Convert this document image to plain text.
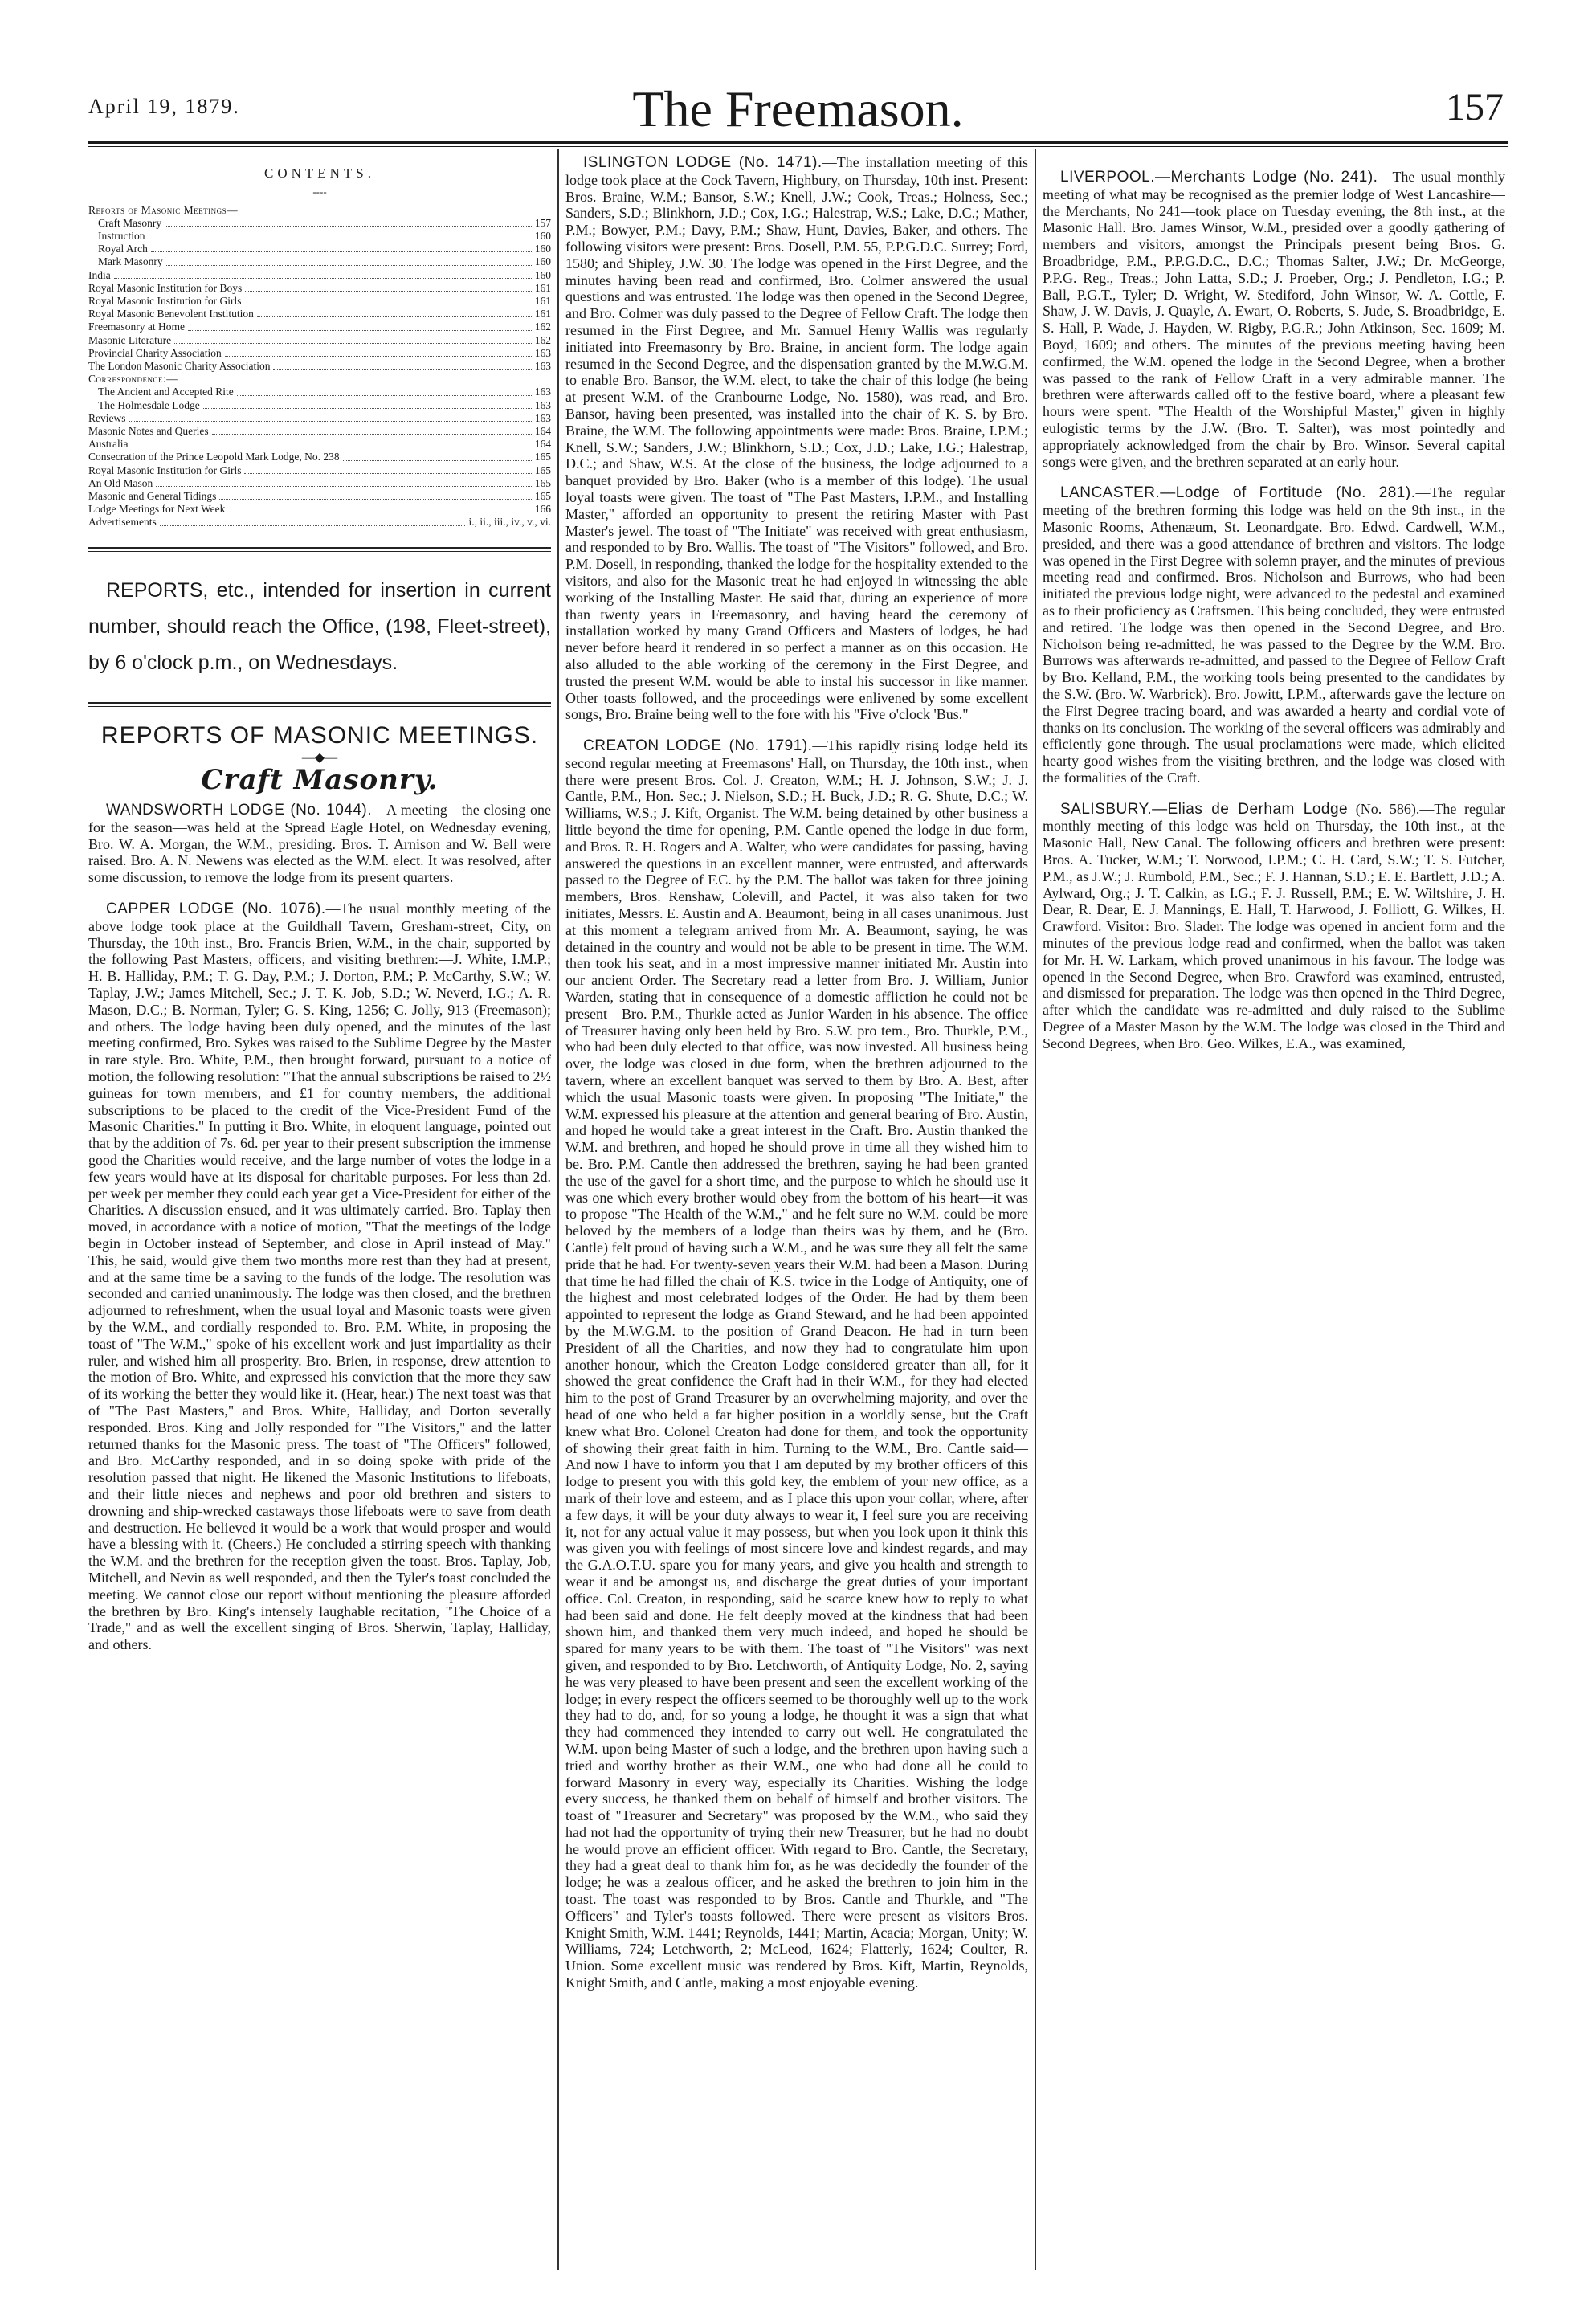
April 19, 1879.	The Freemason.	157
CONTENTS.
----
Reports of Masonic Meetings—
Craft Masonry	157
Instruction	160
Royal Arch	160
Mark Masonry	160
India	160
Royal Masonic Institution for Boys	161
Royal Masonic Institution for Girls	161
Royal Masonic Benevolent Institution	161
Freemasonry at Home	162
Masonic Literature	162
Provincial Charity Association	163
The London Masonic Charity Association	163
Correspondence:—
The Ancient and Accepted Rite	163
The Holmesdale Lodge	163
Reviews	163
Masonic Notes and Queries	164
Australia	164
Consecration of the Prince Leopold Mark Lodge, No. 238	165
Royal Masonic Institution for Girls	165
An Old Mason	165
Masonic and General Tidings	165
Lodge Meetings for Next Week	166
Advertisements	i., ii., iii., iv., v., vi.

REPORTS, etc., intended for insertion in current number, should reach the Office, (198, Fleet-street), by 6 o'clock p.m., on Wednesdays.

REPORTS OF MASONIC MEETINGS.
—◆—
Craft Masonry.

WANDSWORTH LODGE (No. 1044).—A meeting—the closing one for the season—was held at the Spread Eagle Hotel, on Wednesday evening, Bro. W. A. Morgan, the W.M., presiding. Bros. T. Arnison and W. Bell were raised. Bro. A. N. Newens was elected as the W.M. elect. It was resolved, after some discussion, to remove the lodge from its present quarters.

CAPPER LODGE (No. 1076).—The usual monthly meeting of the above lodge took place at the Guildhall Tavern, Gresham-street, City, on Thursday, the 10th inst., Bro. Francis Brien, W.M., in the chair, supported by the following Past Masters, officers, and visiting brethren:—J. White, I.M.P.; H. B. Halliday, P.M.; T. G. Day, P.M.; J. Dorton, P.M.; P. McCarthy, S.W.; W. Taplay, J.W.; James Mitchell, Sec.; J. T. K. Job, S.D.; W. Neverd, I.G.; A. R. Mason, D.C.; B. Norman, Tyler; G. S. King, 1256; C. Jolly, 913 (Freemason); and others. The lodge having been duly opened, and the minutes of the last meeting confirmed, Bro. Sykes was raised to the Sublime Degree by the Master in rare style. Bro. White, P.M., then brought forward, pursuant to a notice of motion, the following resolution: "That the annual subscriptions be raised to 2½ guineas for town members, and £1 for country members, the additional subscriptions to be placed to the credit of the Vice-President Fund of the Masonic Charities." In putting it Bro. White, in eloquent language, pointed out that by the addition of 7s. 6d. per year to their present subscription the immense good the Charities would receive, and the large number of votes the lodge in a few years would have at its disposal for charitable purposes. For less than 2d. per week per member they could each year get a Vice-President for either of the Charities. A discussion ensued, and it was ultimately carried. Bro. Taplay then moved, in accordance with a notice of motion, "That the meetings of the lodge begin in October instead of September, and close in April instead of May." This, he said, would give them two months more rest than they had at present, and at the same time be a saving to the funds of the lodge. The resolution was seconded and carried unanimously. The lodge was then closed, and the brethren adjourned to refreshment, when the usual loyal and Masonic toasts were given by the W.M., and cordially responded to. Bro. P.M. White, in proposing the toast of "The W.M.," spoke of his excellent work and just impartiality as their ruler, and wished him all prosperity. Bro. Brien, in response, drew attention to the motion of Bro. White, and expressed his conviction that the more they saw of its working the better they would like it. (Hear, hear.) The next toast was that of "The Past Masters," and Bros. White, Halliday, and Dorton severally responded. Bros. King and Jolly responded for "The Visitors," and the latter returned thanks for the Masonic press. The toast of "The Officers" followed, and Bro. McCarthy responded, and in so doing spoke with pride of the resolution passed that night. He likened the Masonic Institutions to lifeboats, and their little nieces and nephews and poor old brethren and sisters to drowning and ship-wrecked castaways those lifeboats were to save from death and destruction. He believed it would be a work that would prosper and would have a blessing with it. (Cheers.) He concluded a stirring speech with thanking the W.M. and the brethren for the reception given the toast. Bros. Taplay, Job, Mitchell, and Nevin as well responded, and then the Tyler's toast concluded the meeting. We cannot close our report without mentioning the pleasure afforded the brethren by Bro. King's intensely laughable recitation, "The Choice of a Trade," and as well the excellent singing of Bros. Sherwin, Taplay, Halliday, and others.

ISLINGTON LODGE (No. 1471).—The installation meeting of this lodge took place at the Cock Tavern, Highbury, on Thursday, 10th inst. Present: Bros. Braine, W.M.; Bansor, S.W.; Knell, J.W.; Cook, Treas.; Holness, Sec.; Sanders, S.D.; Blinkhorn, J.D.; Cox, I.G.; Halestrap, W.S.; Lake, D.C.; Mather, P.M.; Bowyer, P.M.; Davy, P.M.; Shaw, Hunt, Davies, Baker, and others. The following visitors were present: Bros. Dosell, P.M. 55, P.P.G.D.C. Surrey; Ford, 1580; and Shipley, J.W. 30. The lodge was opened in the First Degree, and the minutes having been read and confirmed, Bro. Colmer answered the usual questions and was entrusted. The lodge was then opened in the Second Degree, and Bro. Colmer was duly passed to the Degree of Fellow Craft. The lodge then resumed in the First Degree, and Mr. Samuel Henry Wallis was regularly initiated into Freemasonry by Bro. Braine, in ancient form. The lodge again resumed in the Second Degree, and the dispensation granted by the M.W.G.M. to enable Bro. Bansor, the W.M. elect, to take the chair of this lodge (he being at present W.M. of the Cranbourne Lodge, No. 1580), was read, and Bro. Bansor, having been presented, was installed into the chair of K. S. by Bro. Braine, the W.M. The following appointments were made: Bros. Braine, I.P.M.; Knell, S.W.; Sanders, J.W.; Blinkhorn, S.D.; Cox, J.D.; Lake, I.G.; Halestrap, D.C.; and Shaw, W.S. At the close of the business, the lodge adjourned to a banquet provided by Bro. Baker (who is a member of this lodge). The usual loyal toasts were given. The toast of "The Past Masters, I.P.M., and Installing Master," afforded an opportunity to present the retiring Master with Past Master's jewel. The toast of "The Initiate" was received with great enthusiasm, and responded to by Bro. Wallis. The toast of "The Visitors" followed, and Bro. P.M. Dosell, in responding, thanked the lodge for the hospitality extended to the visitors, and also for the Masonic treat he had enjoyed in witnessing the able working of the Installing Master. He said that, during an experience of more than twenty years in Freemasonry, and having heard the ceremony of installation worked by many Grand Officers and Masters of lodges, he had never before heard it rendered in so perfect a manner as on this occasion. He also alluded to the able working of the ceremony in the First Degree, and trusted the present W.M. would be able to instal his successor in like manner. Other toasts followed, and the proceedings were enlivened by some excellent songs, Bro. Braine being well to the fore with his "Five o'clock 'Bus."

CREATON LODGE (No. 1791).—This rapidly rising lodge held its second regular meeting at Freemasons' Hall, on Thursday, the 10th inst., when there were present Bros. Col. J. Creaton, W.M.; H. J. Johnson, S.W.; J. J. Cantle, P.M., Hon. Sec.; J. Nielson, S.D.; H. Buck, J.D.; R. G. Shute, D.C.; W. Williams, W.S.; J. Kift, Organist. The W.M. being detained by other business a little beyond the time for opening, P.M. Cantle opened the lodge in due form, and Bros. R. H. Rogers and A. Walter, who were candidates for passing, having answered the questions in an excellent manner, were entrusted, and afterwards passed to the Degree of F.C. by the P.M. The ballot was taken for three joining members, Bros. Renshaw, Colevill, and Pactel, it was also taken for two initiates, Messrs. E. Austin and A. Beaumont, being in all cases unanimous. Just at this moment a telegram arrived from Mr. A. Beaumont, saying, he was detained in the country and would not be able to be present in time. The W.M. then took his seat, and in a most impressive manner initiated Mr. Austin into our ancient Order. The Secretary read a letter from Bro. J. William, Junior Warden, stating that in consequence of a domestic affliction he could not be present—Bro. P.M., Thurkle acted as Junior Warden in his absence. The office of Treasurer having only been held by Bro. S.W. pro tem., Bro. Thurkle, P.M., who had been duly elected to that office, was now invested. All business being over, the lodge was closed in due form, when the brethren adjourned to the tavern, where an excellent banquet was served to them by Bro. A. Best, after which the usual Masonic toasts were given. In proposing "The Initiate," the W.M. expressed his pleasure at the attention and general bearing of Bro. Austin, and hoped he would take a great interest in the Craft. Bro. Austin thanked the W.M. and brethren, and hoped he should prove in time all they wished him to be. Bro. P.M. Cantle then addressed the brethren, saying he had been granted the use of the gavel for a short time, and the purpose to which he should use it was one which every brother would obey from the bottom of his heart—it was to propose "The Health of the W.M.," and he felt sure no W.M. could be more beloved by the members of a lodge than theirs was by them, and he (Bro. Cantle) felt proud of having such a W.M., and he was sure they all felt the same pride that he had. For twenty-seven years their W.M. had been a Mason. During that time he had filled the chair of K.S. twice in the Lodge of Antiquity, one of the highest and most celebrated lodges of the Order. He had by them been appointed to represent the lodge as Grand Steward, and he had been appointed by the M.W.G.M. to the position of Grand Deacon. He had in turn been President of all the Charities, and now they had to congratulate him upon another honour, which the Creaton Lodge considered greater than all, for it showed the great confidence the Craft had in their W.M., for they had elected him to the post of Grand Treasurer by an overwhelming majority, and over the head of one who held a far higher position in a worldly sense, but the Craft knew what Bro. Colonel Creaton had done for them, and took the opportunity of showing their great faith in him. Turning to the W.M., Bro. Cantle said—And now I have to inform you that I am deputed by my brother officers of this lodge to present you with this gold key, the emblem of your new office, as a mark of their love and esteem, and as I place this upon your collar, where, after a few days, it will be your duty always to wear it, I feel sure you are receiving it, not for any actual value it may possess, but when you look upon it think this was given you with feelings of most sincere love and kindest regards, and may the G.A.O.T.U. spare you for many years, and give you health and strength to wear it and be amongst us, and discharge the great duties of your important office. Col. Creaton, in responding, said he scarce knew how to reply to what had been said and done. He felt deeply moved at the kindness that had been shown him, and thanked them very much indeed, and hoped he should be spared for many years to be with them. The toast of "The Visitors" was next given, and responded to by Bro. Letchworth, of Antiquity Lodge, No. 2, saying he was very pleased to have been present and seen the excellent working of the lodge; in every respect the officers seemed to be thoroughly well up to the work they had to do, and, for so young a lodge, he thought it was a sign that what they had commenced they intended to carry out well. He congratulated the W.M. upon being Master of such a lodge, and the brethren upon having such a tried and worthy brother as their W.M., one who had done all he could to forward Masonry in every way, especially its Charities. Wishing the lodge every success, he thanked them on behalf of himself and brother visitors. The toast of "Treasurer and Secretary" was proposed by the W.M., who said they had not had the opportunity of trying their new Treasurer, but he had no doubt he would prove an efficient officer. With regard to Bro. Cantle, the Secretary, they had a great deal to thank him for, as he was decidedly the founder of the lodge; he was a zealous officer, and he asked the brethren to join him in the toast. The toast was responded to by Bros. Cantle and Thurkle, and "The Officers" and Tyler's toasts followed. There were present as visitors Bros. Knight Smith, W.M. 1441; Reynolds, 1441; Martin, Acacia; Morgan, Unity; W. Williams, 724; Letchworth, 2; McLeod, 1624; Flatterly, 1624; Coulter, R. Union. Some excellent music was rendered by Bros. Kift, Martin, Reynolds, Knight Smith, and Cantle, making a most enjoyable evening.

LIVERPOOL.—Merchants Lodge (No. 241).—The usual monthly meeting of what may be recognised as the premier lodge of West Lancashire—the Merchants, No 241—took place on Tuesday evening, the 8th inst., at the Masonic Hall. Bro. James Winsor, W.M., presided over a goodly gathering of members and visitors, amongst the Principals present being Bros. G. Broadbridge, P.M., P.P.G.D.C., D.C.; Thomas Salter, J.W.; Dr. McGeorge, P.P.G. Reg., Treas.; John Latta, S.D.; J. Proeber, Org.; J. Pendleton, I.G.; P. Ball, P.G.T., Tyler; D. Wright, W. Stediford, John Winsor, W. A. Cottle, F. Shaw, J. W. Davis, J. Quayle, A. Ewart, O. Roberts, S. Jude, S. Broadbridge, E. S. Hall, P. Wade, J. Hayden, W. Rigby, P.G.R.; John Atkinson, Sec. 1609; M. Boyd, 1609; and others. The minutes of the previous meeting having been confirmed, the W.M. opened the lodge in the Second Degree, when a brother was passed to the rank of Fellow Craft in a very admirable manner. The brethren were afterwards called off to the festive board, where a pleasant few hours were spent. "The Health of the Worshipful Master," given in highly eulogistic terms by the J.W. (Bro. T. Salter), was most pointedly and appropriately acknowledged from the chair by Bro. Winsor. Several capital songs were given, and the brethren separated at an early hour.

LANCASTER.—Lodge of Fortitude (No. 281).—The regular meeting of the brethren forming this lodge was held on the 9th inst., in the Masonic Rooms, Athenæum, St. Leonardgate. Bro. Edwd. Cardwell, W.M., presided, and there was a good attendance of brethren and visitors. The lodge was opened in the First Degree with solemn prayer, and the minutes of previous meeting read and confirmed. Bros. Nicholson and Burrows, who had been initiated the previous lodge night, were advanced to the pedestal and examined as to their proficiency as Craftsmen. This being concluded, they were entrusted and retired. The lodge was then opened in the Second Degree, and Bro. Nicholson being re-admitted, he was passed to the Degree by the W.M. Bro. Burrows was afterwards re-admitted, and passed to the Degree of Fellow Craft by Bro. Kelland, P.M., the working tools being presented to the candidates by the S.W. (Bro. W. Warbrick). Bro. Jowitt, I.P.M., afterwards gave the lecture on the First Degree tracing board, and was awarded a hearty and cordial vote of thanks on its conclusion. The working of the several officers was admirably and efficiently gone through. The usual proclamations were made, which elicited hearty good wishes from the visiting brethren, and the lodge was closed with the formalities of the Craft.

SALISBURY.—Elias de Derham Lodge (No. 586).—The regular monthly meeting of this lodge was held on Thursday, the 10th inst., at the Masonic Hall, New Canal. The following officers and brethren were present: Bros. A. Tucker, W.M.; T. Norwood, I.P.M.; C. H. Card, S.W.; T. S. Futcher, P.M., as J.W.; J. Rumbold, P.M., Sec.; F. J. Hannan, S.D.; E. E. Bartlett, J.D.; A. Aylward, Org.; J. T. Calkin, as I.G.; F. J. Russell, P.M.; E. W. Wiltshire, J. H. Dear, R. Dear, E. J. Mannings, E. Hall, T. Harwood, J. Folliott, G. Wilkes, H. Crawford. Visitor: Bro. Slader. The lodge was opened in ancient form and the minutes of the previous lodge read and confirmed, when the ballot was taken for Mr. H. W. Larkam, which proved unanimous in his favour. The lodge was opened in the Second Degree, when Bro. Crawford was examined, entrusted, and dismissed for preparation. The lodge was then opened in the Third Degree, after which the candidate was re-admitted and duly raised to the Sublime Degree of a Master Mason by the W.M. The lodge was closed in the Third and Second Degrees, when Bro. Geo. Wilkes, E.A., was examined,
